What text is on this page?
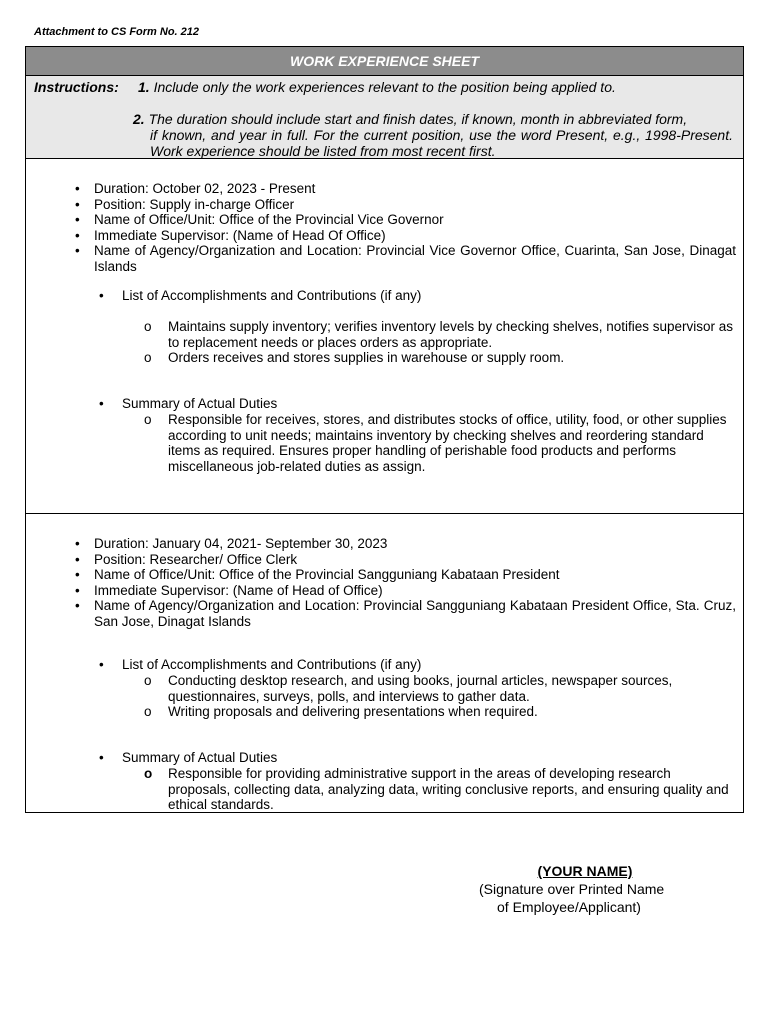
Attachment to CS Form No. 212
WORK EXPERIENCE SHEET
Instructions: 1. Include only the work experiences relevant to the position being applied to.
2. The duration should include start and finish dates, if known, month in abbreviated form,
if known, and year in full. For the current position, use the word Present, e.g., 1998-Present. Work experience should be listed from most recent first.
• Duration: October 02, 2023 - Present
• Position: Supply in-charge Officer
• Name of Office/Unit: Office of the Provincial Vice Governor
• Immediate Supervisor: (Name of Head Of Office)
•	Name of Agency/Organization and Location: Provincial Vice Governor Office, Cuarinta, San Jose, Dinagat Islands
• List of Accomplishments and Contributions (if any)
o Maintains supply inventory; verifies inventory levels by checking shelves, notifies supervisor as to replacement needs or places orders as appropriate.
o Orders receives and stores supplies in warehouse or supply room.
• Summary of Actual Duties
o Responsible for receives, stores, and distributes stocks of office, utility, food, or other supplies according to unit needs; maintains inventory by checking shelves and reordering standard items as required. Ensures proper handling of perishable food products and performs miscellaneous job-related duties as assign.
• Duration: January 04, 2021- September 30, 2023
• Position: Researcher/ Office Clerk
• Name of Office/Unit: Office of the Provincial Sangguniang Kabataan President
• Immediate Supervisor: (Name of Head of Office)
•	Name of Agency/Organization and Location: Provincial Sangguniang Kabataan President Office, Sta. Cruz, San Jose, Dinagat Islands
• List of Accomplishments and Contributions (if any)
o Conducting desktop research, and using books, journal articles, newspaper sources, questionnaires, surveys, polls, and interviews to gather data.
o Writing proposals and delivering presentations when required.
• Summary of Actual Duties
o Responsible for providing administrative support in the areas of developing research proposals, collecting data, analyzing data, writing conclusive reports, and ensuring quality and ethical standards.
(YOUR NAME)
(Signature over Printed Name
of Employee/Applicant)
